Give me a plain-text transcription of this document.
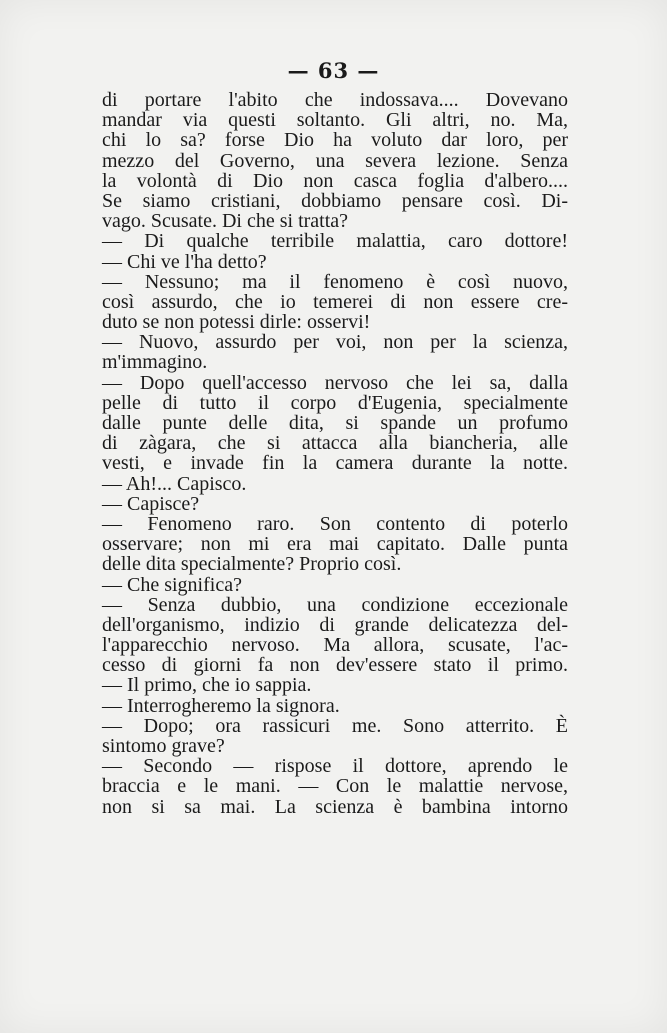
— 63 —
di portare l'abito che indossava.... Dovevano
mandar via questi soltanto. Gli altri, no. Ma,
chi lo sa? forse Dio ha voluto dar loro, per
mezzo del Governo, una severa lezione. Senza
la volontà di Dio non casca foglia d'albero....
Se siamo cristiani, dobbiamo pensare così. Di-
vago. Scusate. Di che si tratta?
— Di qualche terribile malattia, caro dottore!
— Chi ve l'ha detto?
— Nessuno; ma il fenomeno è così nuovo,
così assurdo, che io temerei di non essere cre-
duto se non potessi dirle: osservi!
— Nuovo, assurdo per voi, non per la scienza,
m'immagino.
— Dopo quell'accesso nervoso che lei sa, dalla
pelle di tutto il corpo d'Eugenia, specialmente
dalle punte delle dita, si spande un profumo
di zàgara, che si attacca alla biancheria, alle
vesti, e invade fin la camera durante la notte.
— Ah!... Capisco.
— Capisce?
— Fenomeno raro. Son contento di poterlo
osservare; non mi era mai capitato. Dalle punta
delle dita specialmente? Proprio così.
— Che significa?
— Senza dubbio, una condizione eccezionale
dell'organismo, indizio di grande delicatezza del-
l'apparecchio nervoso. Ma allora, scusate, l'ac-
cesso di giorni fa non dev'essere stato il primo.
— Il primo, che io sappia.
— Interrogheremo la signora.
— Dopo; ora rassicuri me. Sono atterrito. È
sintomo grave?
— Secondo — rispose il dottore, aprendo le
braccia e le mani. — Con le malattie nervose,
non si sa mai. La scienza è bambina intorno
